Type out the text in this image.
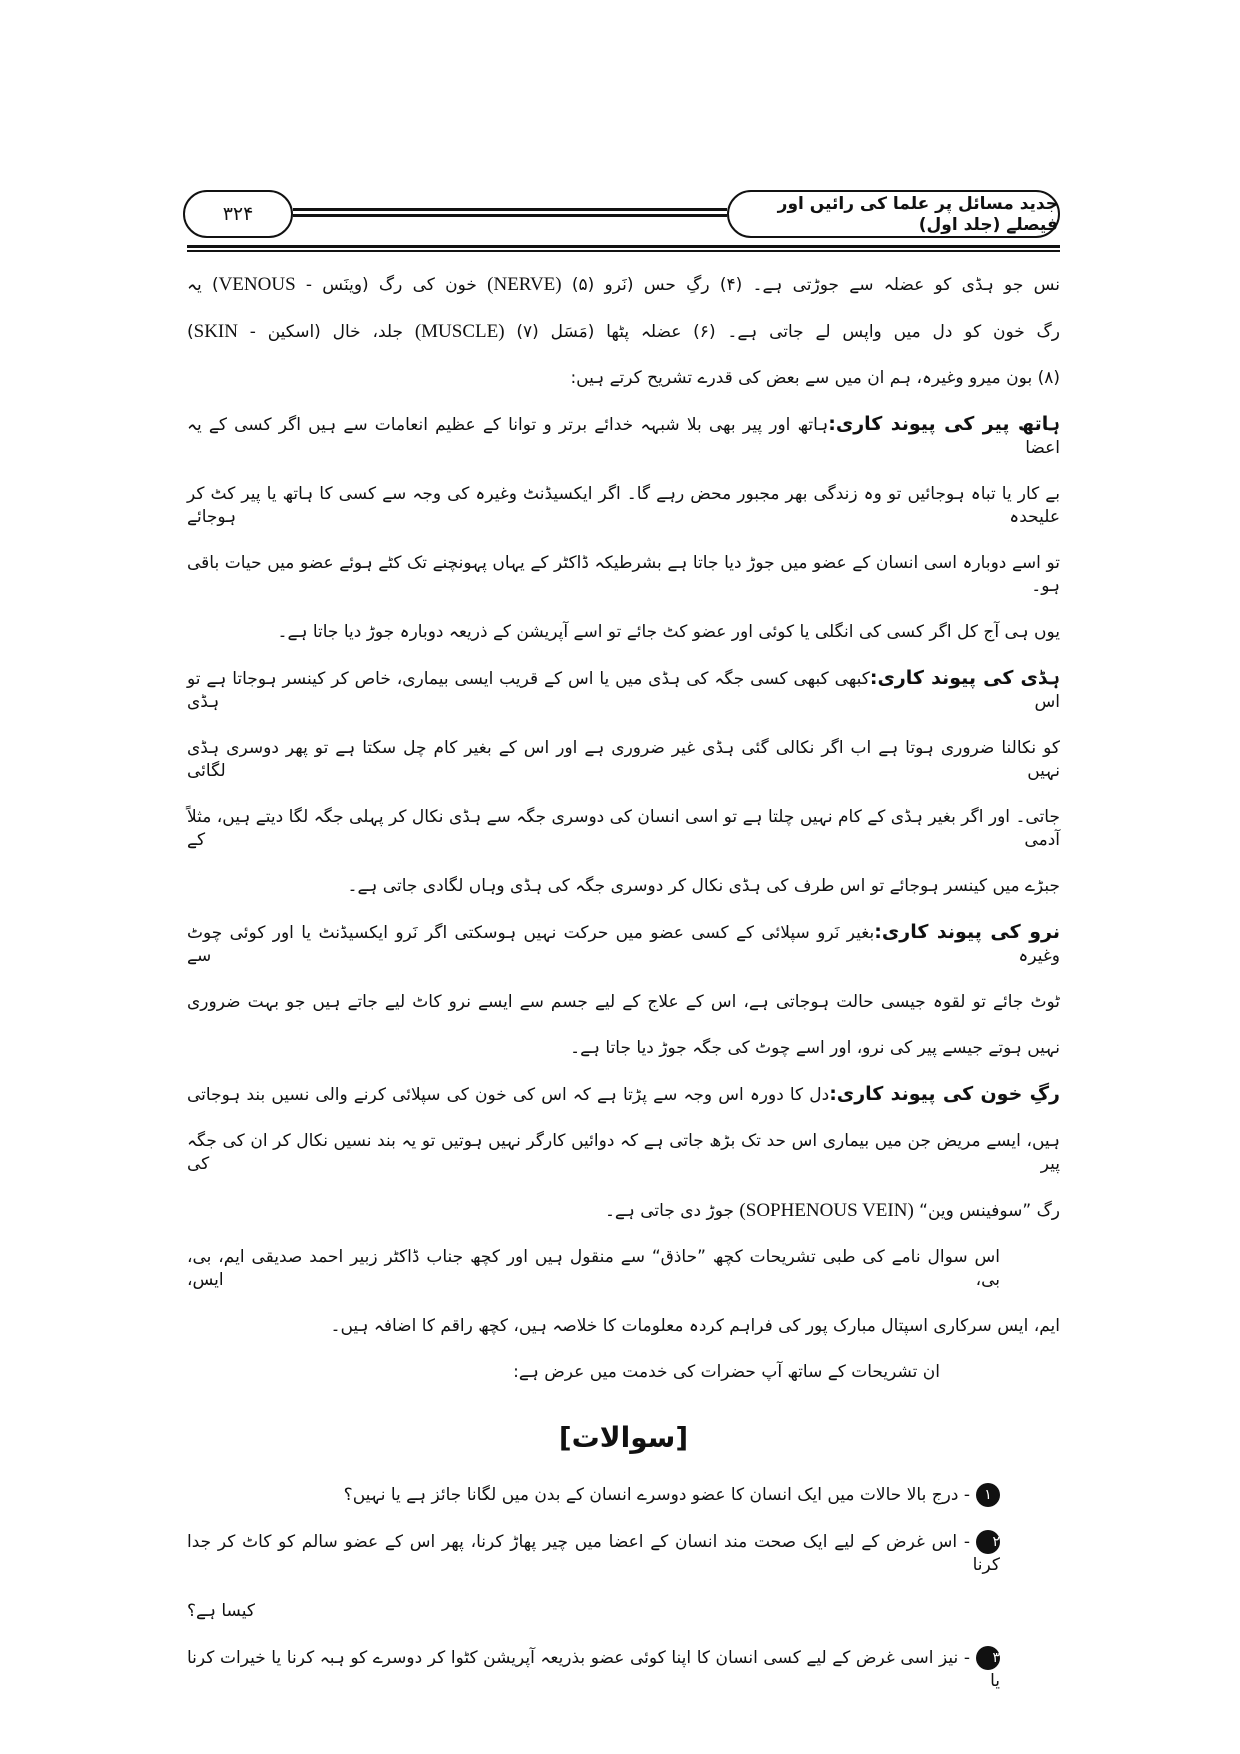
۳۲۴	جدید مسائل پر علما کی رائیں اور فیصلے (جلد اول)
نس جو ہڈی کو عضلہ سے جوڑتی ہے۔ (۴) رگِ حس (نَرو (NERVE) (۵) خون کی رگ (وینَس - VENOUS) یہ
رگ خون کو دل میں واپس لے جاتی ہے۔ (۶) عضلہ پٹھا (مَسَل (MUSCLE) (۷) جلد، خال (اسکین - SKIN)
(۸) بون میرو وغیرہ، ہم ان میں سے بعض کی قدرے تشریح کرتے ہیں:
ہاتھ پیر کی پیوند کاری:ہاتھ اور پیر بھی بلا شبہہ خدائے برتر و توانا کے عظیم انعامات سے ہیں اگر کسی کے یہ اعضا
بے کار یا تباہ ہوجائیں تو وہ زندگی بھر مجبور محض رہے گا۔ اگر ایکسیڈنٹ وغیرہ کی وجہ سے کسی کا ہاتھ یا پیر کٹ کر علیحدہ ہوجائے
تو اسے دوبارہ اسی انسان کے عضو میں جوڑ دیا جاتا ہے بشرطیکہ ڈاکٹر کے یہاں پہونچنے تک کٹے ہوئے عضو میں حیات باقی ہو۔
یوں ہی آج کل اگر کسی کی انگلی یا کوئی اور عضو کٹ جائے تو اسے آپریشن کے ذریعہ دوبارہ جوڑ دیا جاتا ہے۔
ہڈی کی پیوند کاری:کبھی کبھی کسی جگہ کی ہڈی میں یا اس کے قریب ایسی بیماری، خاص کر کینسر ہوجاتا ہے تو اس ہڈی
کو نکالنا ضروری ہوتا ہے اب اگر نکالی گئی ہڈی غیر ضروری ہے اور اس کے بغیر کام چل سکتا ہے تو پھر دوسری ہڈی نہیں لگائی
جاتی۔ اور اگر بغیر ہڈی کے کام نہیں چلتا ہے تو اسی انسان کی دوسری جگہ سے ہڈی نکال کر پہلی جگہ لگا دیتے ہیں، مثلاً آدمی کے
جبڑے میں کینسر ہوجائے تو اس طرف کی ہڈی نکال کر دوسری جگہ کی ہڈی وہاں لگادی جاتی ہے۔
نرو کی پیوند کاری:بغیر نَرو سپلائی کے کسی عضو میں حرکت نہیں ہوسکتی اگر نَرو ایکسیڈنٹ یا اور کوئی چوٹ وغیرہ سے
ٹوٹ جائے تو لقوہ جیسی حالت ہوجاتی ہے، اس کے علاج کے لیے جسم سے ایسے نرو کاٹ لیے جاتے ہیں جو بہت ضروری
نہیں ہوتے جیسے پیر کی نرو، اور اسے چوٹ کی جگہ جوڑ دیا جاتا ہے۔
رگِ خون کی پیوند کاری:دل کا دورہ اس وجہ سے پڑتا ہے کہ اس کی خون کی سپلائی کرنے والی نسیں بند ہوجاتی
ہیں، ایسے مریض جن میں بیماری اس حد تک بڑھ جاتی ہے کہ دوائیں کارگر نہیں ہوتیں تو یہ بند نسیں نکال کر ان کی جگہ پیر کی
رگ ”سوفینس وین“ (SOPHENOUS VEIN) جوڑ دی جاتی ہے۔
اس سوال نامے کی طبی تشریحات کچھ ”حاذق“ سے منقول ہیں اور کچھ جناب ڈاکٹر زبیر احمد صدیقی ایم، بی، بی، ایس،
ایم، ایس سرکاری اسپتال مبارک پور کی فراہم کردہ معلومات کا خلاصہ ہیں، کچھ راقم کا اضافہ ہیں۔
ان تشریحات کے ساتھ آپ حضرات کی خدمت میں عرض ہے:
[سوالات]
۱- درج بالا حالات میں ایک انسان کا عضو دوسرے انسان کے بدن میں لگانا جائز ہے یا نہیں؟
۲- اس غرض کے لیے ایک صحت مند انسان کے اعضا میں چیر پھاڑ کرنا، پھر اس کے عضو سالم کو کاٹ کر جدا کرنا
کیسا ہے؟
۳- نیز اسی غرض کے لیے کسی انسان کا اپنا کوئی عضو بذریعہ آپریشن کٹوا کر دوسرے کو ہبہ کرنا یا خیرات کرنا یا
